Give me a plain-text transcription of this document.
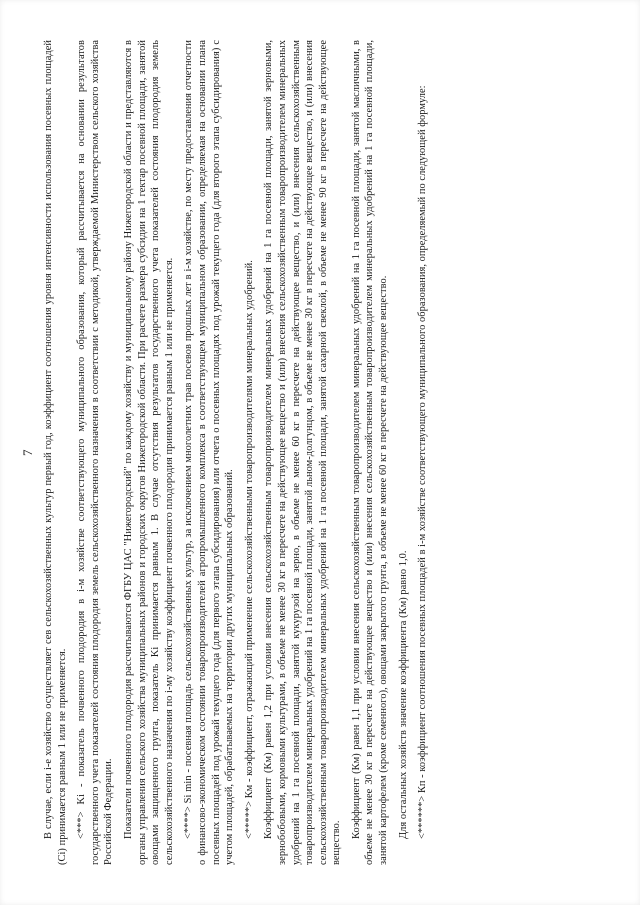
7 В случае, если i-е хозяйство осуществляет сев сельскохозяйственных культур первый год, коэффициент соотношения уровня интенсивности использования посевных площадей (Ci) принимается равным 1 или не применяется. <***> Ki - показатель почвенного плодородия в i-м хозяйстве соответствующего муниципального образования, который рассчитывается на основании результатов государственного учета показателей состояния плодородия земель сельскохозяйственного назначения в соответствии с методикой, утверждаемой Министерством сельского хозяйства Российской Федерации. Показатели почвенного плодородия рассчитываются ФГБУ ЦАС "Нижегородский" по каждому хозяйству и муниципальному району Нижегородской области и представляются в органы управления сельского хозяйства муниципальных районов и городских округов Нижегородской области. При расчете размера субсидии на 1 гектар посевной площади, занятой овощами защищенного грунта, показатель Ki принимается равным 1. В случае отсутствия результатов государственного учета показателей состояния плодородия земель сельскохозяйственного назначения по i-му хозяйству коэффициент почвенного плодородия принимается равным 1 или не применяется. <****> Si min - посевная площадь сельскохозяйственных культур, за исключением многолетних трав посевов прошлых лет в i-м хозяйстве, по месту предоставления отчетности о финансово-экономическом состоянии товаропроизводителей агропромышленного комплекса в соответствующем муниципальном образовании, определяемая на основании плана посевных площадей под урожай текущего года (для первого этапа субсидирования) или отчета о посевных площадях под урожай текущего года (для второго этапа субсидирования) с учетом площадей, обрабатываемых на территории других муниципальных образований. <*****> Км - коэффициент, отражающий применение сельскохозяйственными товаропроизводителями минеральных удобрений. Коэффициент (Км) равен 1,2 при условии внесения сельскохозяйственным товаропроизводителем минеральных удобрений на 1 га посевной площади, занятой зерновыми, зернобобовыми, кормовыми культурами, в объеме не менее 30 кг в пересчете на действующее вещество и (или) внесения сельскохозяйственным товаропроизводителем минеральных удобрений на 1 га посевной площади, занятой кукурузой на зерно, в объеме не менее 60 кг в пересчете на действующее вещество, и (или) внесения сельскохозяйственным товаропроизводителем минеральных удобрений на 1 га посевной площади, занятой льном-долгунцом, в объеме не менее 30 кг в пересчете на действующее вещество, и (или) внесения сельскохозяйственным товаропроизводителем минеральных удобрений на 1 га посевной площади, занятой сахарной свеклой, в объеме не менее 90 кг в пересчете на действующее вещество.

Коэффициент (Км) равен 1,1 при условии внесения сельскохозяйственным товаропроизводителем минеральных удобрений на 1 га посевной площади, занятой масличными, в объеме не менее 30 кг в пересчете на действующее вещество и (или) внесения сельскохозяйственным товаропроизводителем минеральных удобрений на 1 га посевной площади, занятой картофелем (кроме семенного), овощами закрытого грунта, в объеме не менее 60 кг в пересчете на действующее вещество. Для остальных хозяйств значение коэффициента (Км) равно 1,0. <******> Кп - коэффициент соотношения посевных площадей в i-м хозяйстве соответствующего муниципального образования, определяемый по следующей формуле:
